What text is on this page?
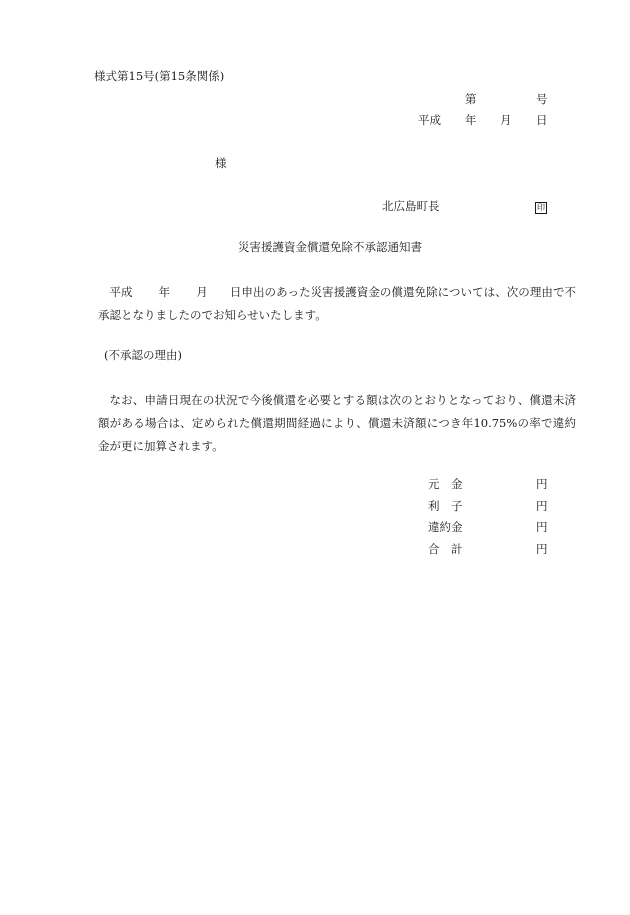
様式第15号(第15条関係)
第	号
平成 年 月 日
様
北広島町長	印
災害援護資金償還免除不承認通知書

平成 年 月 日申出のあった災害援護資金の償還免除については、次の理由で不承認となりましたのでお知らせいたします。

(不承認の理由)

なお、申請日現在の状況で今後償還を必要とする額は次のとおりとなっており、償還未済額がある場合は、定められた償還期間経過により、償還未済額につき年10.75%の率で違約金が更に加算されます。

元　金	円
利　子	円
違約金	円
合　計	円
